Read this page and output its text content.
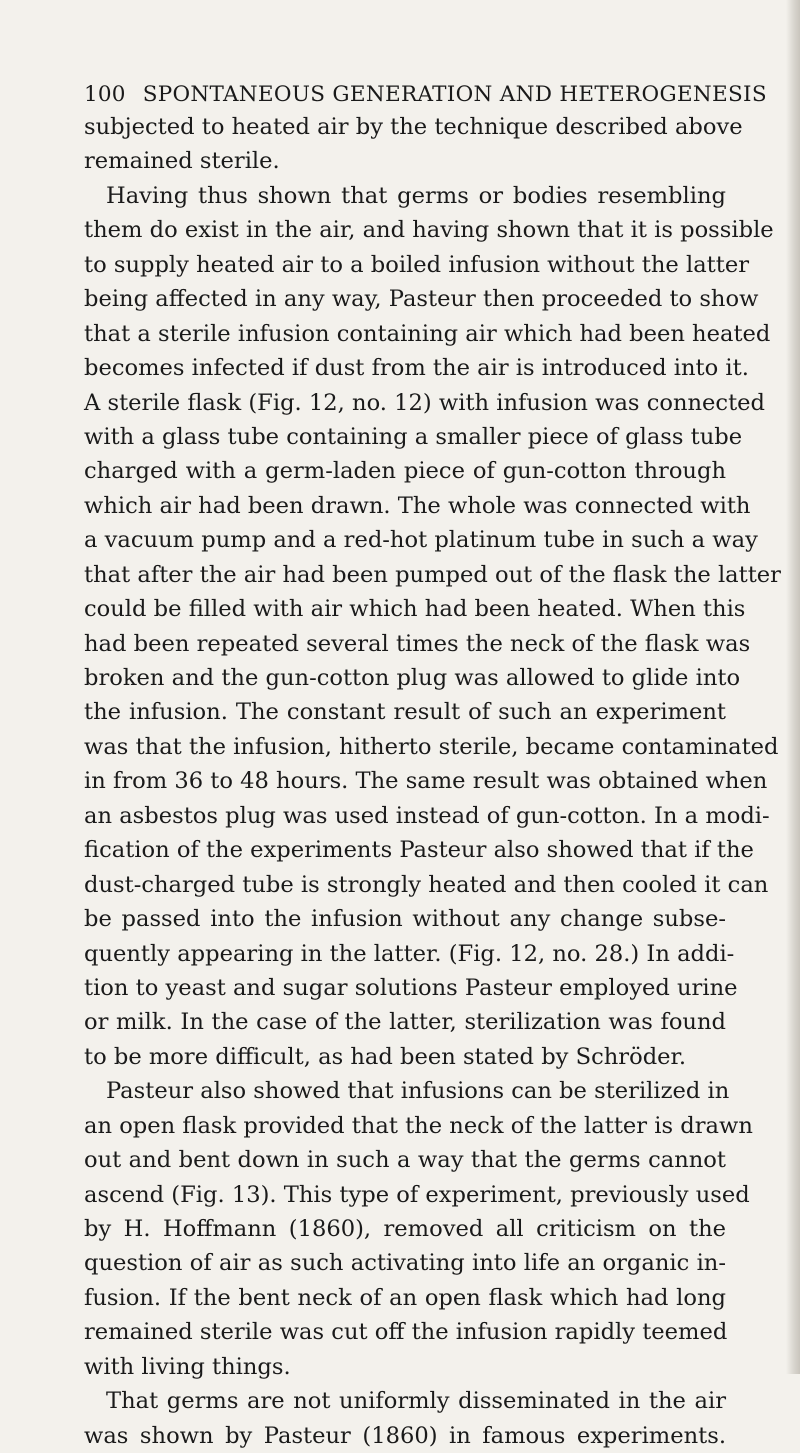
100 SPONTANEOUS GENERATION AND HETEROGENESIS
subjected to heated air by the technique described above
remained sterile.
Having thus shown that germs or bodies resembling
them do exist in the air, and having shown that it is possible
to supply heated air to a boiled infusion without the latter
being affected in any way, Pasteur then proceeded to show
that a sterile infusion containing air which had been heated
becomes infected if dust from the air is introduced into it.
A sterile flask (Fig. 12, no. 12) with infusion was connected
with a glass tube containing a smaller piece of glass tube
charged with a germ-laden piece of gun-cotton through
which air had been drawn. The whole was connected with
a vacuum pump and a red-hot platinum tube in such a way
that after the air had been pumped out of the flask the latter
could be filled with air which had been heated. When this
had been repeated several times the neck of the flask was
broken and the gun-cotton plug was allowed to glide into
the infusion. The constant result of such an experiment
was that the infusion, hitherto sterile, became contaminated
in from 36 to 48 hours. The same result was obtained when
an asbestos plug was used instead of gun-cotton. In a modi-
fication of the experiments Pasteur also showed that if the
dust-charged tube is strongly heated and then cooled it can
be passed into the infusion without any change subse-
quently appearing in the latter. (Fig. 12, no. 28.) In addi-
tion to yeast and sugar solutions Pasteur employed urine
or milk. In the case of the latter, sterilization was found
to be more difficult, as had been stated by Schröder.
Pasteur also showed that infusions can be sterilized in
an open flask provided that the neck of the latter is drawn
out and bent down in such a way that the germs cannot
ascend (Fig. 13). This type of experiment, previously used
by H. Hoffmann (1860), removed all criticism on the
question of air as such activating into life an organic in-
fusion. If the bent neck of an open flask which had long
remained sterile was cut off the infusion rapidly teemed
with living things.
That germs are not uniformly disseminated in the air
was shown by Pasteur (1860) in famous experiments.
